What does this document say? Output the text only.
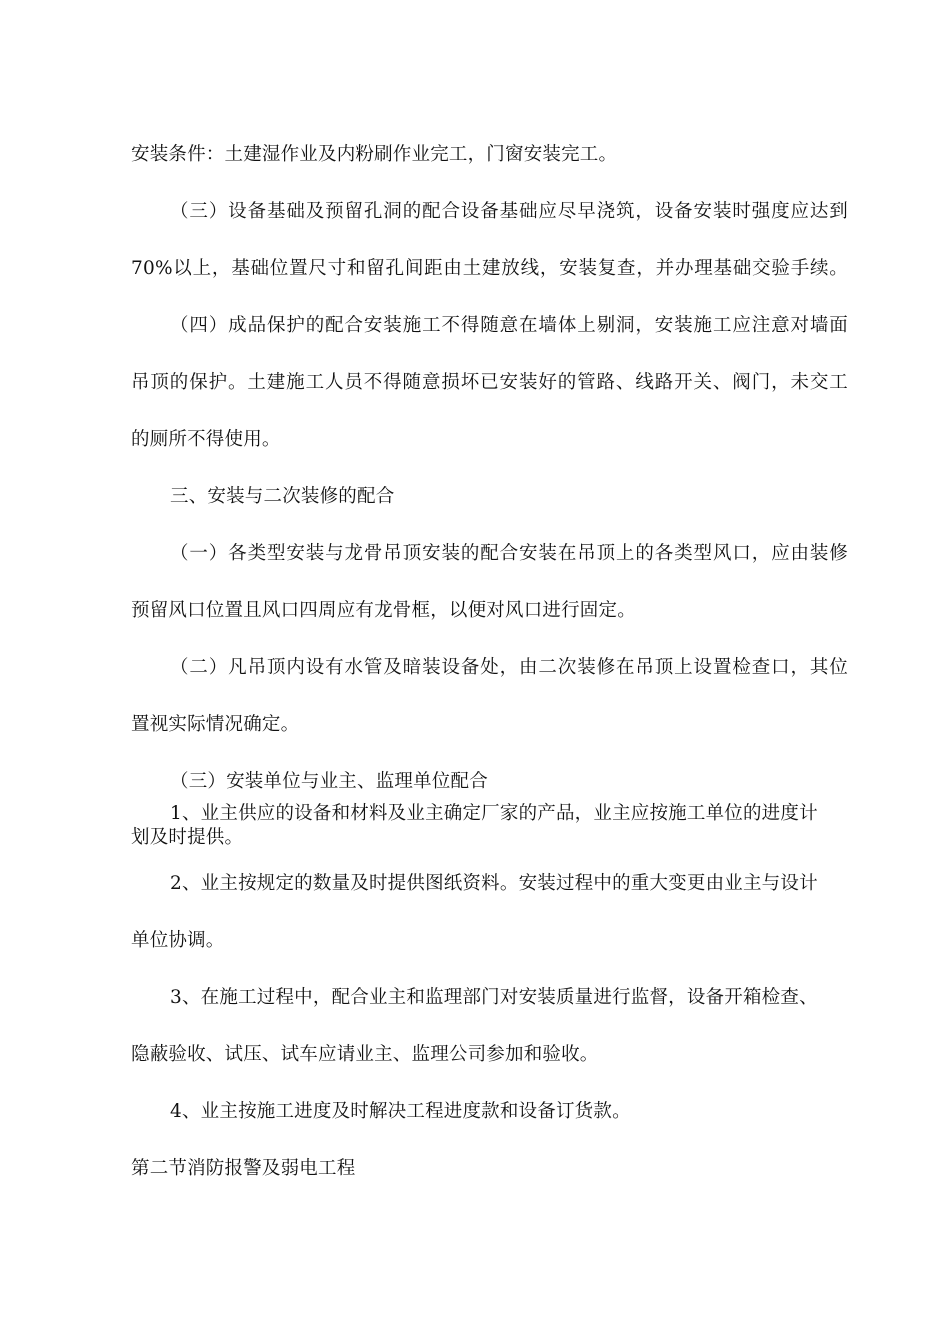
安装条件：土建湿作业及内粉刷作业完工，门窗安装完工。
（三）设备基础及预留孔洞的配合设备基础应尽早浇筑，设备安装时强度应达到
70%以上，基础位置尺寸和留孔间距由土建放线，安装复查，并办理基础交验手续。
（四）成品保护的配合安装施工不得随意在墙体上剔洞，安装施工应注意对墙面
吊顶的保护。土建施工人员不得随意损坏已安装好的管路、线路开关、阀门，未交工
的厕所不得使用。
三、安装与二次装修的配合
（一）各类型安装与龙骨吊顶安装的配合安装在吊顶上的各类型风口，应由装修
预留风口位置且风口四周应有龙骨框，以便对风口进行固定。
（二）凡吊顶内设有水管及暗装设备处，由二次装修在吊顶上设置检查口，其位
置视实际情况确定。
（三）安装单位与业主、监理单位配合
1、业主供应的设备和材料及业主确定厂家的产品，业主应按施工单位的进度计
划及时提供。
2、业主按规定的数量及时提供图纸资料。安装过程中的重大变更由业主与设计
单位协调。
3、在施工过程中，配合业主和监理部门对安装质量进行监督，设备开箱检查、
隐蔽验收、试压、试车应请业主、监理公司参加和验收。
4、业主按施工进度及时解决工程进度款和设备订货款。
第二节消防报警及弱电工程
